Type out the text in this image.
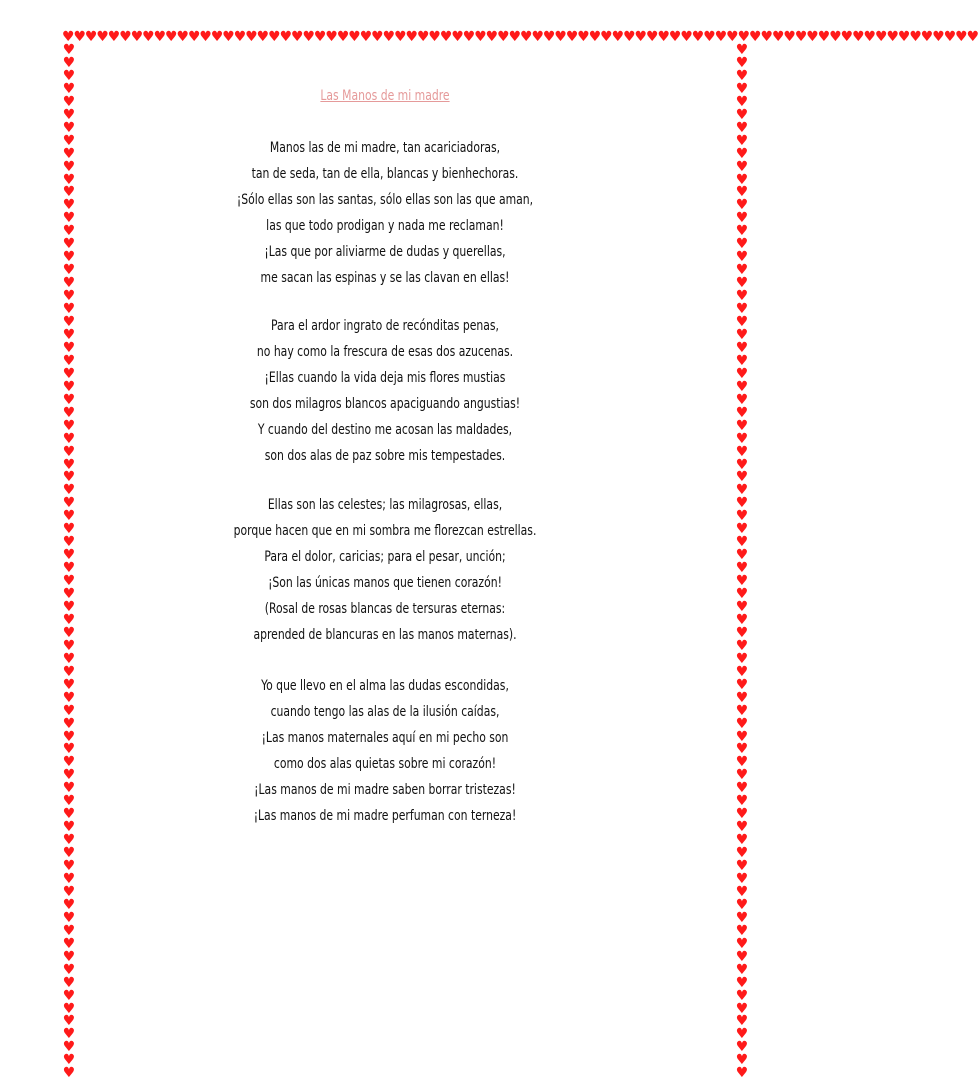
♥♥♥♥♥♥♥♥♥♥♥♥♥♥♥♥♥♥♥♥♥♥♥♥♥♥♥♥♥♥♥♥♥♥♥♥♥♥♥♥♥♥♥♥♥♥♥♥♥♥♥♥♥♥♥♥♥♥♥♥♥♥♥♥♥♥♥♥♥♥♥♥♥♥♥♥♥♥♥♥
♥♥♥♥♥♥♥♥♥♥♥♥♥♥♥♥♥♥♥♥♥♥♥♥♥♥♥♥♥♥♥♥♥♥♥♥♥♥♥♥♥♥♥♥♥♥♥♥♥♥♥♥♥♥♥♥♥♥♥♥♥♥♥♥♥♥♥♥♥♥♥♥♥♥♥♥♥♥♥♥
♥♥♥♥♥♥♥♥♥♥♥♥♥♥♥♥♥♥♥♥♥♥♥♥♥♥♥♥♥♥♥♥♥♥♥♥♥♥♥♥♥♥♥♥♥♥♥♥♥♥♥♥♥♥♥♥♥♥♥♥♥♥♥♥♥♥♥♥♥♥♥♥♥♥♥♥♥♥♥♥
Las Manos de mi madre
Manos las de mi madre, tan acariciadoras,
tan de seda, tan de ella, blancas y bienhechoras.
¡Sólo ellas son las santas, sólo ellas son las que aman,
las que todo prodigan y nada me reclaman!
¡Las que por aliviarme de dudas y querellas,
me sacan las espinas y se las clavan en ellas!
Para el ardor ingrato de recónditas penas,
no hay como la frescura de esas dos azucenas.
¡Ellas cuando la vida deja mis flores mustias
son dos milagros blancos apaciguando angustias!
Y cuando del destino me acosan las maldades,
son dos alas de paz sobre mis tempestades.
Ellas son las celestes; las milagrosas, ellas,
porque hacen que en mi sombra me florezcan estrellas.
Para el dolor, caricias; para el pesar, unción;
¡Son las únicas manos que tienen corazón!
(Rosal de rosas blancas de tersuras eternas:
aprended de blancuras en las manos maternas).
Yo que llevo en el alma las dudas escondidas,
cuando tengo las alas de la ilusión caídas,
¡Las manos maternales aquí en mi pecho son
como dos alas quietas sobre mi corazón!
¡Las manos de mi madre saben borrar tristezas!
¡Las manos de mi madre perfuman con terneza!
